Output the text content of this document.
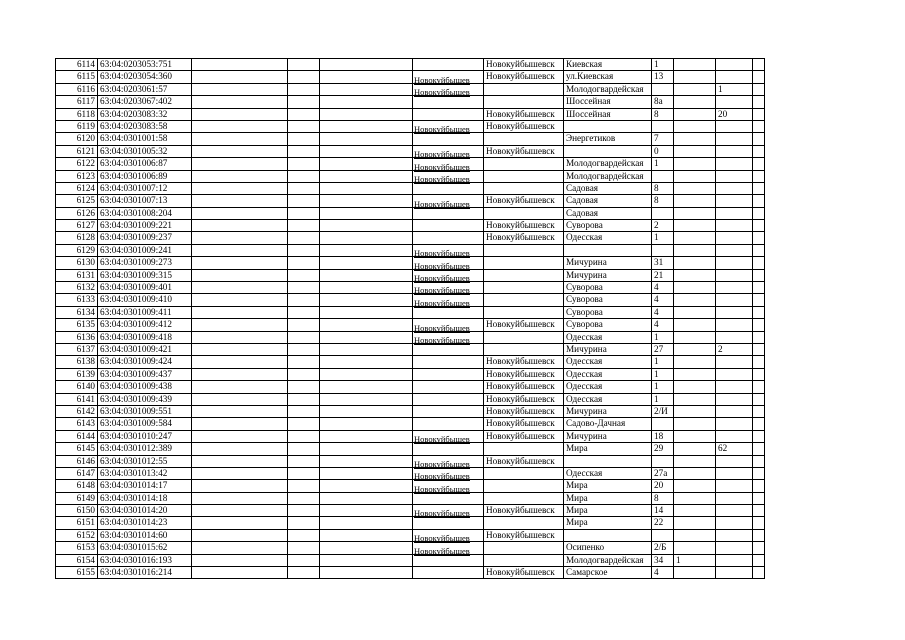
6114	63:04:0203053:751					Новокуйбышевск	Киевская	1			
6115	63:04:0203054:360					Новокуйбышевск	ул.Киевская	13			
6116	63:04:0203061:57				Новокуйбышев		Молодогвардейская			1	
6117	63:04:0203067:402				Новокуйбышев		Шоссейная	8а			
6118	63:04:0203083:32					Новокуйбышевск	Шоссейная	8		20	
6119	63:04:0203083:58					Новокуйбышевск					
6120	63:04:0301001:58				Новокуйбышев		Энергетиков	7			
6121	63:04:0301005:32					Новокуйбышевск		0			
6122	63:04:0301006:87				Новокуйбышев		Молодогвардейская	1			
6123	63:04:0301006:89				Новокуйбышев		Молодогвардейская				
6124	63:04:0301007:12				Новокуйбышев		Садовая	8			
6125	63:04:0301007:13					Новокуйбышевск	Садовая	8			
6126	63:04:0301008:204				Новокуйбышев		Садовая				
6127	63:04:0301009:221					Новокуйбышевск	Суворова	2			
6128	63:04:0301009:237					Новокуйбышевск	Одесская	1			
6129	63:04:0301009:241				

6130	63:04:0301009:273				Новокуйбышев		Мичурина	31			
6131	63:04:0301009:315				Новокуйбышев		Мичурина	21			
6132	63:04:0301009:401				Новокуйбышев		Суворова	4			
6133	63:04:0301009:410				Новокуйбышев		Суворова	4			
6134	63:04:0301009:411				Новокуйбышев		Суворова	4			
6135	63:04:0301009:412					Новокуйбышевск	Суворова	4			
6136	63:04:0301009:418				Новокуйбышев		Одесская	1			
6137	63:04:0301009:421				Новокуйбышев		Мичурина	27		2	
6138	63:04:0301009:424					Новокуйбышевск	Одесская	1			
6139	63:04:0301009:437					Новокуйбышевск	Одесская	1			
6140	63:04:0301009:438					Новокуйбышевск	Одесская	1			
6141	63:04:0301009:439					Новокуйбышевск	Одесская	1			
6142	63:04:0301009:551					Новокуйбышевск	Мичурина	2/И			
6143	63:04:0301009:584					Новокуйбышевск	Садово-Дачная				
6144	63:04:0301010:247					Новокуйбышевск	Мичурина	18			
6145	63:04:0301012:389				Новокуйбышев		Мира	29		62	
6146	63:04:0301012:55					Новокуйбышевск					
6147	63:04:0301013:42				Новокуйбышев		Одесская	27а			
6148	63:04:0301014:17				Новокуйбышев		Мира	20			
6149	63:04:0301014:18				Новокуйбышев		Мира	8			
6150	63:04:0301014:20					Новокуйбышевск	Мира	14			
6151	63:04:0301014:23				Новокуйбышев		Мира	22			
6152	63:04:0301014:60					Новокуйбышевск					
6153	63:04:0301015:62				Новокуйбышев		Осипенко	2/Б			
6154	63:04:0301016:193				Новокуйбышев		Молодогвардейская	34	1		
6155	63:04:0301016:214					Новокуйбышевск	Самарское	4			
